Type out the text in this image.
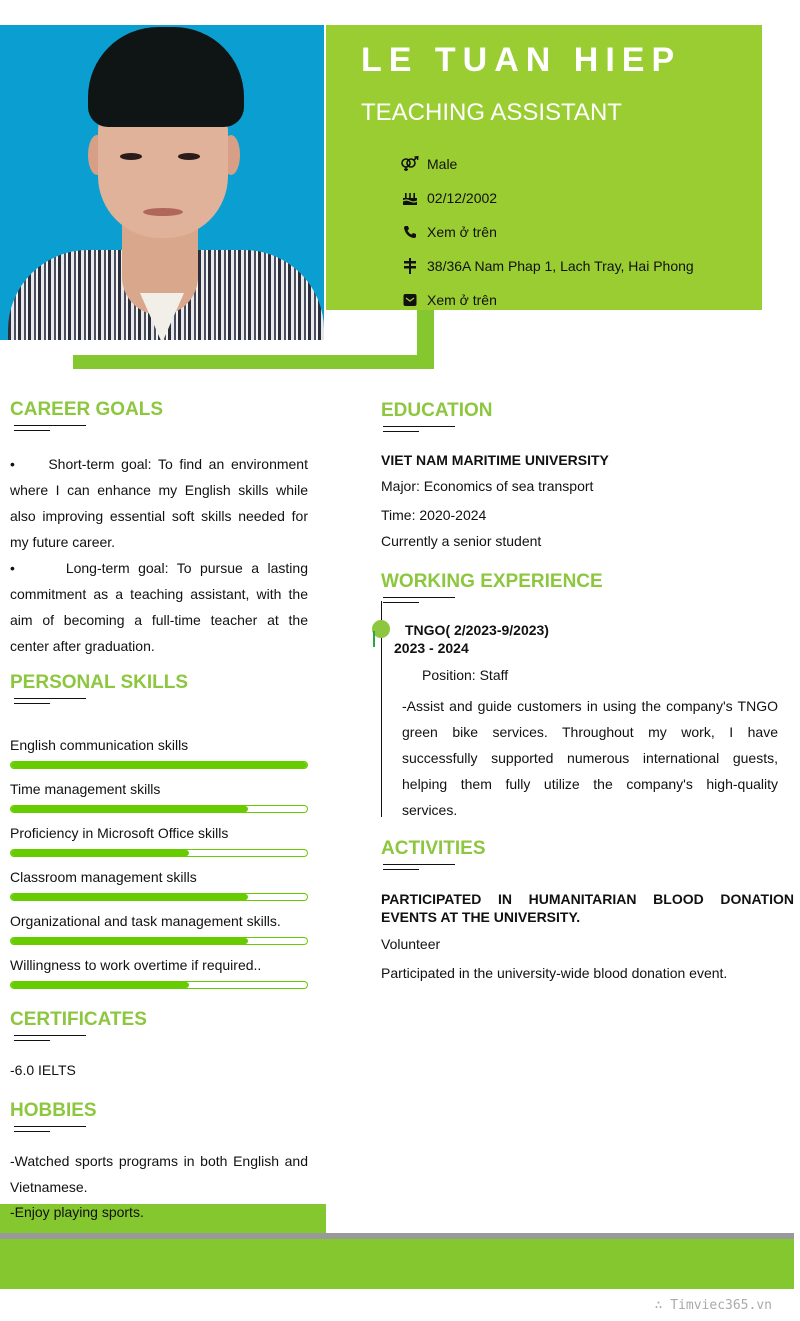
LE TUAN HIEP
TEACHING ASSISTANT
Male
02/12/2002
Xem ở trên
38/36A Nam Phap 1, Lach Tray, Hai Phong
Xem ở trên
CAREER GOALS
•     Short-term goal: To find an environment where I can enhance my English skills while also improving essential soft skills needed for my future career.
•      Long-term goal: To pursue a lasting commitment as a teaching assistant, with the aim of becoming a full-time teacher at the center after graduation.
PERSONAL SKILLS
English communication skills
Time management skills
Proficiency in Microsoft Office skills
Classroom management skills
Organizational and task management skills.
Willingness to work overtime if required..
CERTIFICATES
-6.0 IELTS
HOBBIES
-Watched sports programs in both English and Vietnamese.
-Enjoy playing sports.
EDUCATION
VIET NAM MARITIME UNIVERSITY
Major: Economics of sea transport
Time: 2020-2024
Currently a senior student
WORKING EXPERIENCE
TNGO( 2/2023-9/2023)
2023 - 2024
Position: Staff
-Assist and guide customers in using the company's TNGO green bike services. Throughout my work, I have successfully supported numerous international guests, helping them fully utilize the company's high-quality services.
ACTIVITIES
PARTICIPATED IN HUMANITARIAN BLOOD DONATION EVENTS AT THE UNIVERSITY.
Volunteer
Participated in the university-wide blood donation event.
∴ Timviec365.vn
